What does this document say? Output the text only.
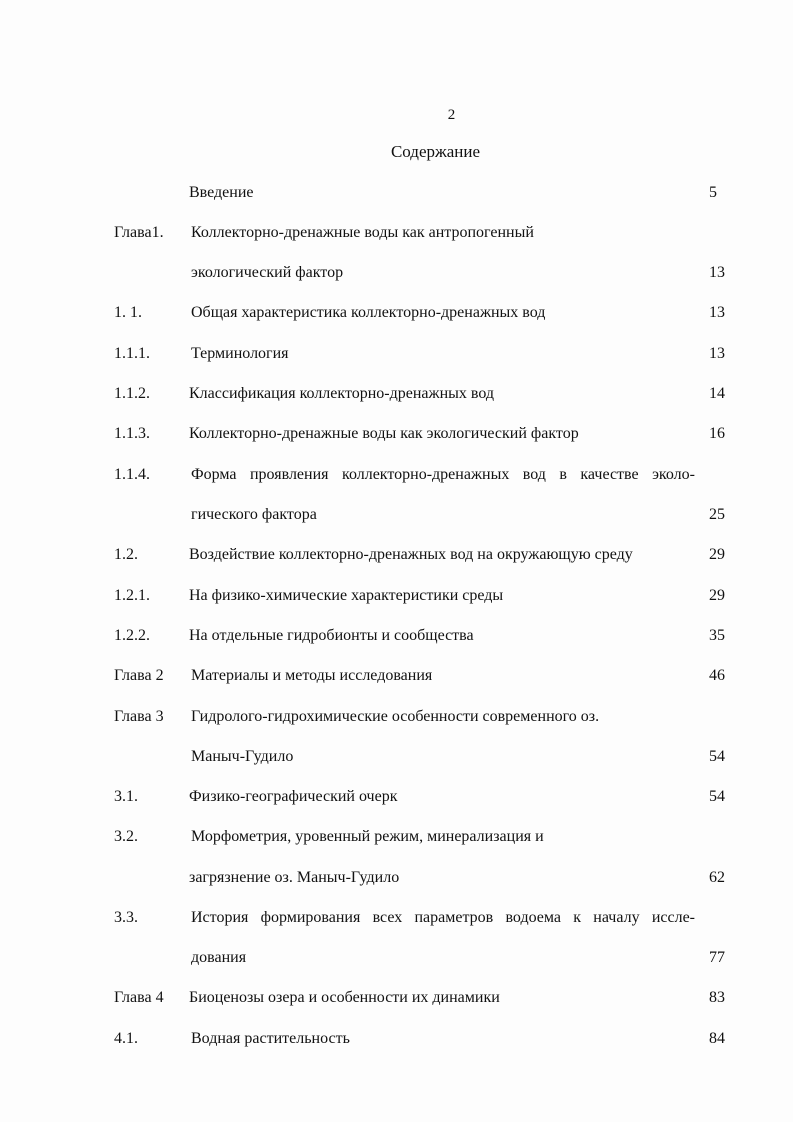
2
Содержание
Введение	5
Глава1. Коллекторно-дренажные воды как антропогенный
экологический фактор	13
1. 1.	Общая характеристика коллекторно-дренажных вод	13
1.1.1.	Терминология	13
1.1.2. Классификация коллекторно-дренажных вод	14
1.1.3. Коллекторно-дренажные воды как экологический фактор	16
1.1.4.	Форма проявления коллекторно-дренажных вод в качестве эколо-
гического фактора	25
1.2.	Воздействие коллекторно-дренажных вод на окружающую среду	29
1.2.1. На физико-химические характеристики среды	29
1.2.2. На отдельные гидробионты и сообщества	35
Глава 2 Материалы и методы исследования	46
Глава 3 Гидролого-гидрохимические особенности современного оз.
Маныч-Гудило	54
3.1.	Физико-географический очерк	54
3.2.	Морфометрия, уровенный режим, минерализация и
загрязнение оз. Маныч-Гудило	62
3.3.	История формирования всех параметров водоема к началу иссле-
дования	77
Глава 4 Биоценозы озера и особенности их динамики	83
4.1.	Водная растительность	84
